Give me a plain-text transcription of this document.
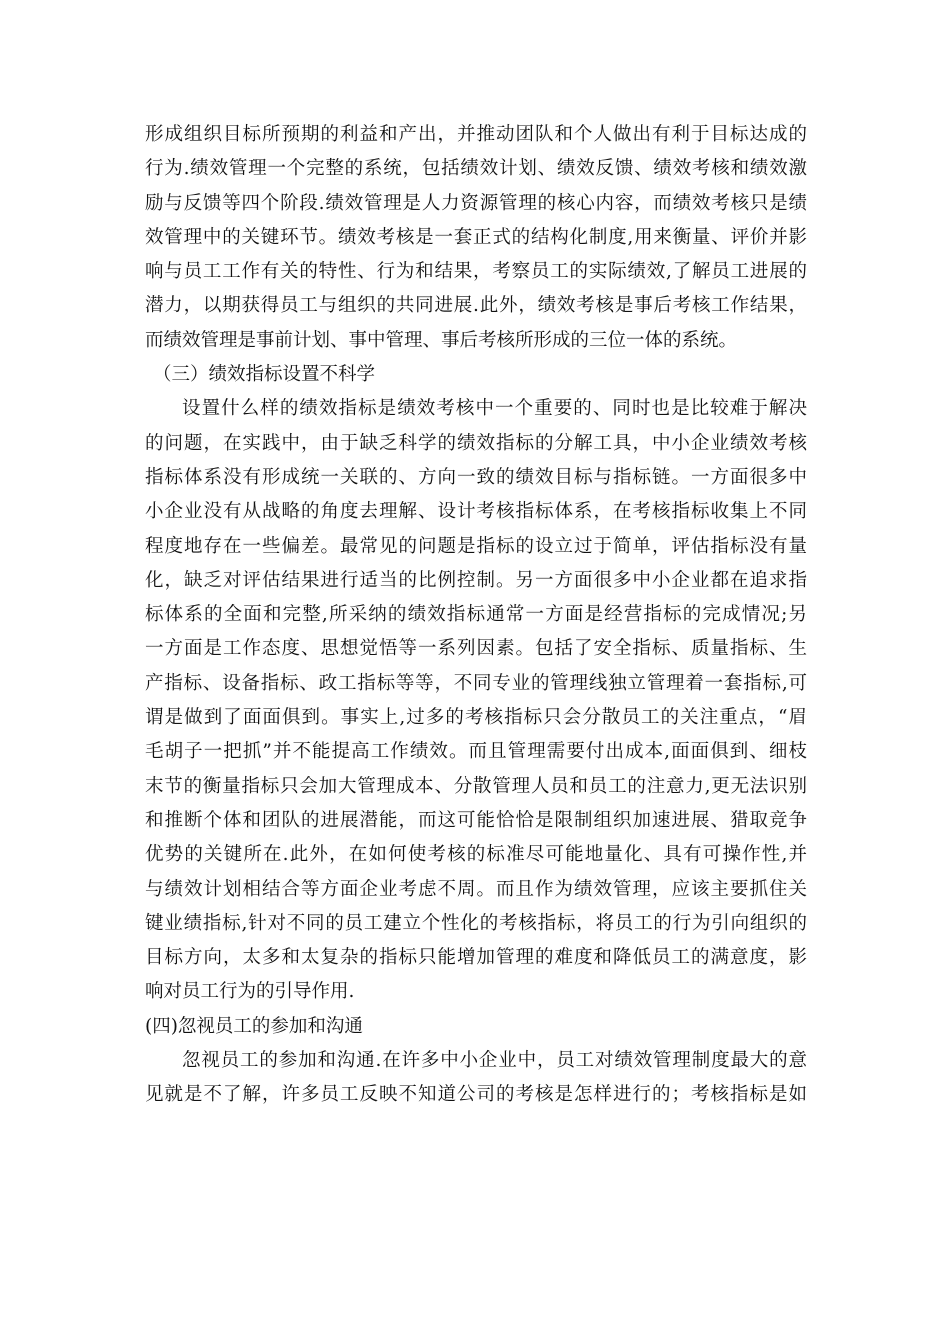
形成组织目标所预期的利益和产出，并推动团队和个人做出有利于目标达成的
行为.绩效管理一个完整的系统，包括绩效计划、绩效反馈、绩效考核和绩效激
励与反馈等四个阶段.绩效管理是人力资源管理的核心内容，而绩效考核只是绩
效管理中的关键环节。绩效考核是一套正式的结构化制度,用来衡量、评价并影
响与员工工作有关的特性、行为和结果，考察员工的实际绩效,了解员工进展的
潜力，以期获得员工与组织的共同进展.此外，绩效考核是事后考核工作结果，
而绩效管理是事前计划、事中管理、事后考核所形成的三位一体的系统。
（三）绩效指标设置不科学
设置什么样的绩效指标是绩效考核中一个重要的、同时也是比较难于解决
的问题，在实践中，由于缺乏科学的绩效指标的分解工具，中小企业绩效考核
指标体系没有形成统一关联的、方向一致的绩效目标与指标链。一方面很多中
小企业没有从战略的角度去理解、设计考核指标体系，在考核指标收集上不同
程度地存在一些偏差。最常见的问题是指标的设立过于简单，评估指标没有量
化，缺乏对评估结果进行适当的比例控制。另一方面很多中小企业都在追求指
标体系的全面和完整,所采纳的绩效指标通常一方面是经营指标的完成情况;另
一方面是工作态度、思想觉悟等一系列因素。包括了安全指标、质量指标、生
产指标、设备指标、政工指标等等，不同专业的管理线独立管理着一套指标,可
谓是做到了面面俱到。事实上,过多的考核指标只会分散员工的关注重点，“眉
毛胡子一把抓”并不能提高工作绩效。而且管理需要付出成本,面面俱到、细枝
末节的衡量指标只会加大管理成本、分散管理人员和员工的注意力,更无法识别
和推断个体和团队的进展潜能，而这可能恰恰是限制组织加速进展、猎取竞争
优势的关键所在.此外，在如何使考核的标准尽可能地量化、具有可操作性,并
与绩效计划相结合等方面企业考虑不周。而且作为绩效管理，应该主要抓住关
键业绩指标,针对不同的员工建立个性化的考核指标，将员工的行为引向组织的
目标方向，太多和太复杂的指标只能增加管理的难度和降低员工的满意度，影
响对员工行为的引导作用.
(四)忽视员工的参加和沟通
忽视员工的参加和沟通.在许多中小企业中，员工对绩效管理制度最大的意
见就是不了解，许多员工反映不知道公司的考核是怎样进行的；考核指标是如
